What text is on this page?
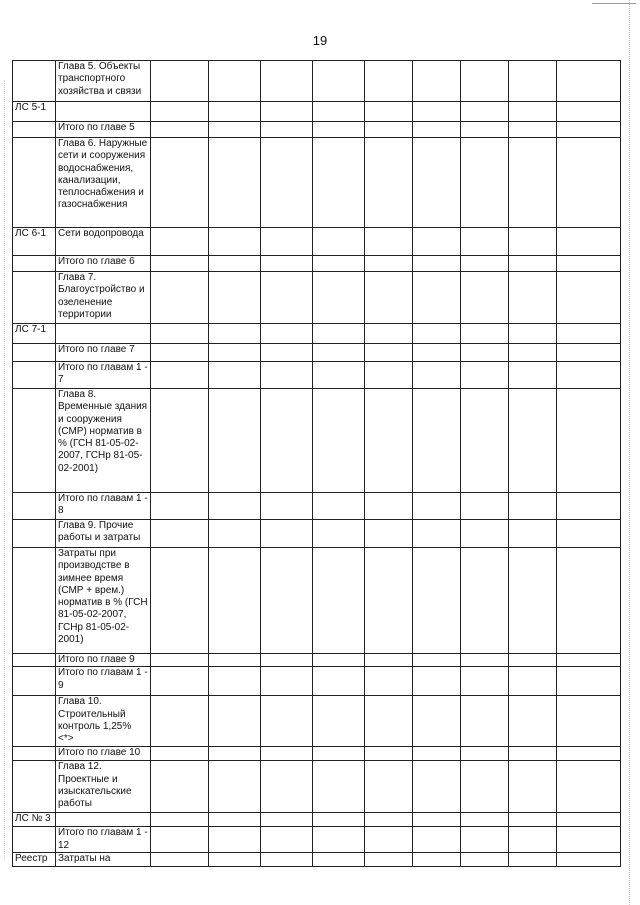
19
	Глава 5. Объекты транспортного хозяйства и связи									
ЛС 5-1										
	Итого по главе 5									
	Глава 6. Наружные сети и сооружения водоснабжения, канализации, теплоснабжения и газоснабжения									
ЛС 6-1	Сети водопровода									
	Итого по главе 6									
	Глава 7. Благоустройство и озеленение территории									
ЛС 7-1										
	Итого по главе 7									
	Итого по главам 1 - 7									
	Глава 8. Временные здания и сооружения (СМР) норматив в % (ГСН 81-05-02-2007, ГСНр 81-05-02-2001)									
	Итого по главам 1 - 8									
	Глава 9. Прочие работы и затраты									
	Затраты при производстве в зимнее время (СМР + врем.) норматив в % (ГСН 81-05-02-2007, ГСНр 81-05-02-2001)									
	Итого по главе 9									
	Итого по главам 1 - 9									
	Глава 10. Строительный контроль 1,25% <*>									
	Итого по главе 10									
	Глава 12. Проектные и изыскательские работы									
ЛС № 3										
	Итого по главам 1 - 12									
Реестр	Затраты на									
